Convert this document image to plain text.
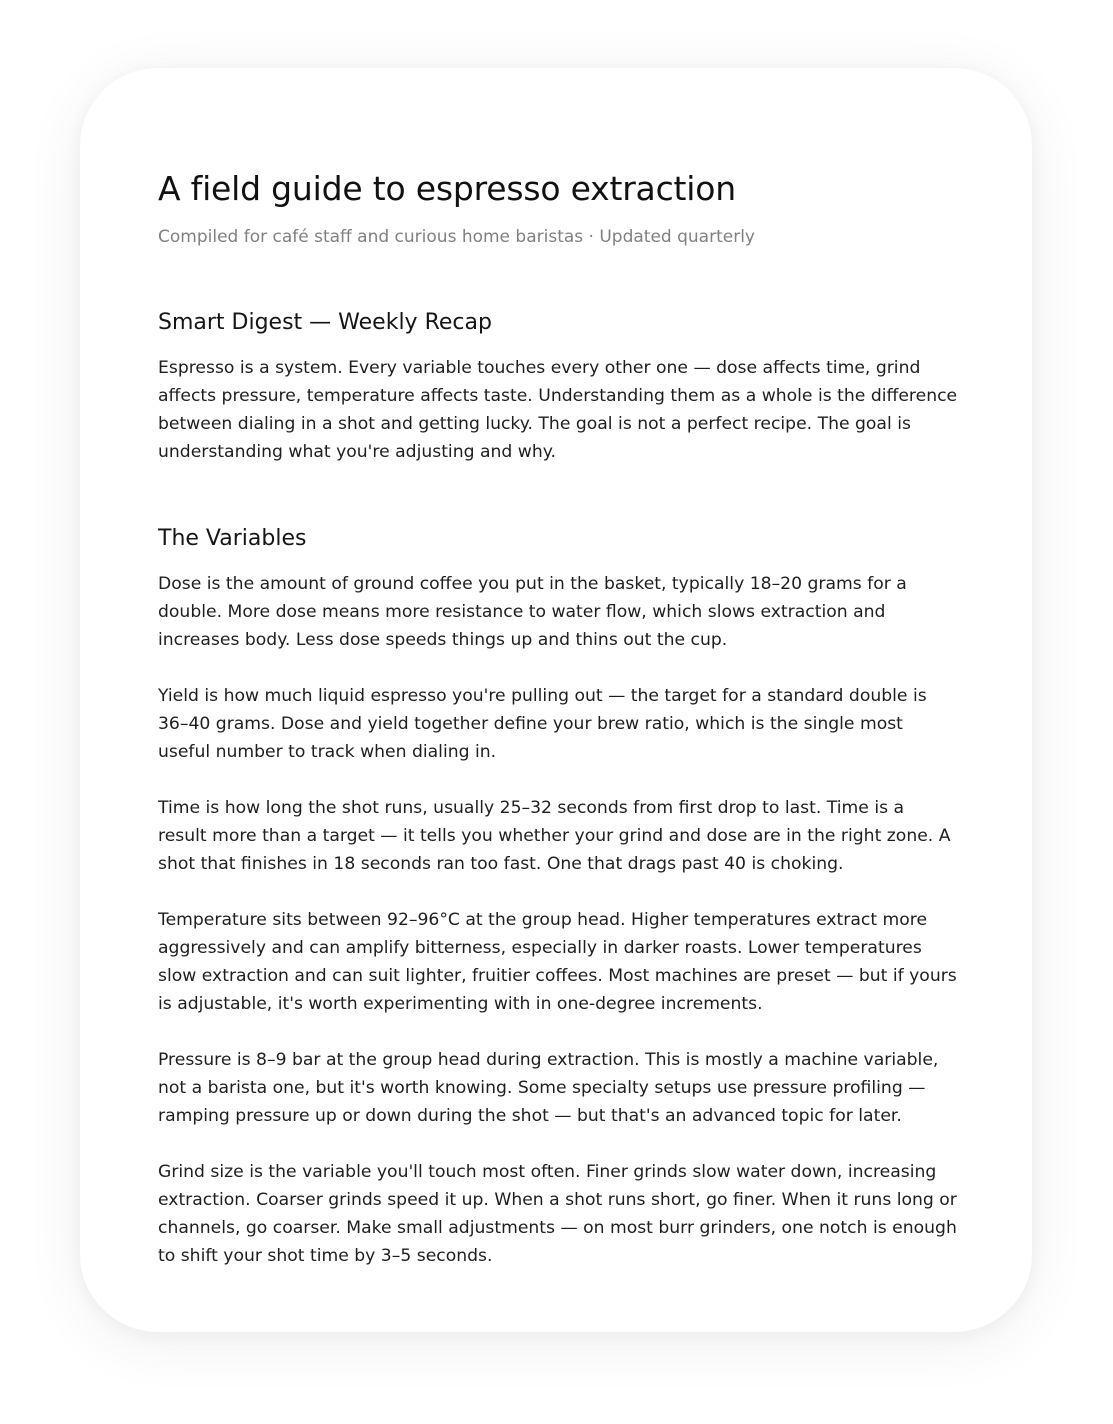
A field guide to espresso extraction

Compiled for café staff and curious home baristas · Updated quarterly

Smart Digest — Weekly Recap

Espresso is a system. Every variable touches every other one — dose affects time, grind affects pressure, temperature affects taste. Understanding them as a whole is the difference between dialing in a shot and getting lucky. The goal is not a perfect recipe. The goal is understanding what you're adjusting and why.

The Variables

Dose is the amount of ground coffee you put in the basket, typically 18–20 grams for a double. More dose means more resistance to water flow, which slows extraction and increases body. Less dose speeds things up and thins out the cup.

Yield is how much liquid espresso you're pulling out — the target for a standard double is 36–40 grams. Dose and yield together define your brew ratio, which is the single most useful number to track when dialing in.

Time is how long the shot runs, usually 25–32 seconds from first drop to last. Time is a result more than a target — it tells you whether your grind and dose are in the right zone. A shot that finishes in 18 seconds ran too fast. One that drags past 40 is choking.

Temperature sits between 92–96°C at the group head. Higher temperatures extract more aggressively and can amplify bitterness, especially in darker roasts. Lower temperatures slow extraction and can suit lighter, fruitier coffees. Most machines are preset — but if yours is adjustable, it's worth experimenting with in one-degree increments.

Pressure is 8–9 bar at the group head during extraction. This is mostly a machine variable, not a barista one, but it's worth knowing. Some specialty setups use pressure profiling — ramping pressure up or down during the shot — but that's an advanced topic for later.

Grind size is the variable you'll touch most often. Finer grinds slow water down, increasing extraction. Coarser grinds speed it up. When a shot runs short, go finer. When it runs long or channels, go coarser. Make small adjustments — on most burr grinders, one notch is enough to shift your shot time by 3–5 seconds.
